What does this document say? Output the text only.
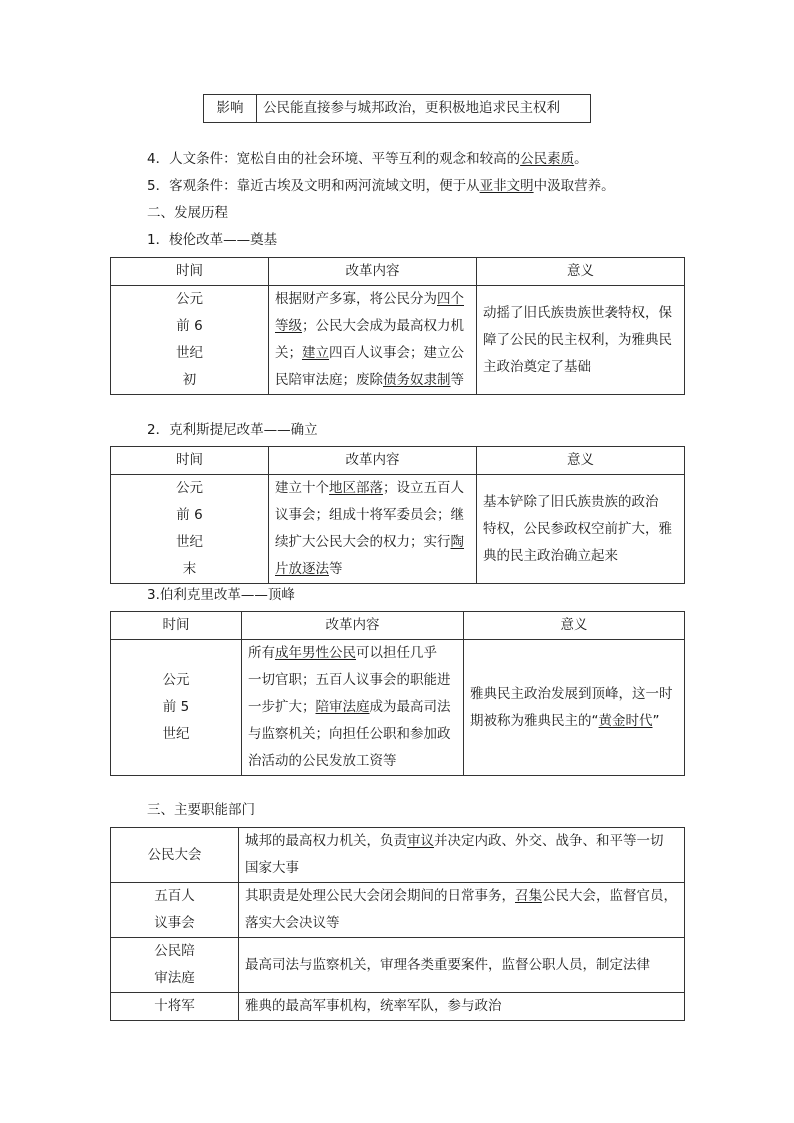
影响	公民能直接参与城邦政治，更积极地追求民主权利
4．人文条件：宽松自由的社会环境、平等互利的观念和较高的公民素质。
5．客观条件：靠近古埃及文明和两河流域文明，便于从亚非文明中汲取营养。
二、发展历程
1．梭伦改革——奠基
时间	改革内容	意义

公元
前 6
世纪
初	根据财产多寡，将公民分为四个
等级；公民大会成为最高权力机
关；建立四百人议事会；建立公
民陪审法庭；废除债务奴隶制等	动摇了旧氏族贵族世袭特权，保
障了公民的民主权利，为雅典民
主政治奠定了基础
2．克利斯提尼改革——确立
时间	改革内容	意义

公元
前 6
世纪
末	建立十个地区部落；设立五百人
议事会；组成十将军委员会；继
续扩大公民大会的权力；实行陶
片放逐法等	基本铲除了旧氏族贵族的政治
特权，公民参政权空前扩大，雅
典的民主政治确立起来
3.伯利克里改革——顶峰
时间	改革内容	意义

公元
前 5
世纪	所有成年男性公民可以担任几乎
一切官职；五百人议事会的职能进
一步扩大；陪审法庭成为最高司法
与监察机关；向担任公职和参加政
治活动的公民发放工资等	雅典民主政治发展到顶峰，这一时
期被称为雅典民主的“黄金时代”
三、主要职能部门
公民大会	城邦的最高权力机关，负责审议并决定内政、外交、战争、和平等一切
国家大事

五百人
议事会	其职责是处理公民大会闭会期间的日常事务，召集公民大会，监督官员，
落实大会决议等

公民陪
审法庭	最高司法与监察机关，审理各类重要案件，监督公职人员，制定法律

十将军	雅典的最高军事机构，统率军队，参与政治
